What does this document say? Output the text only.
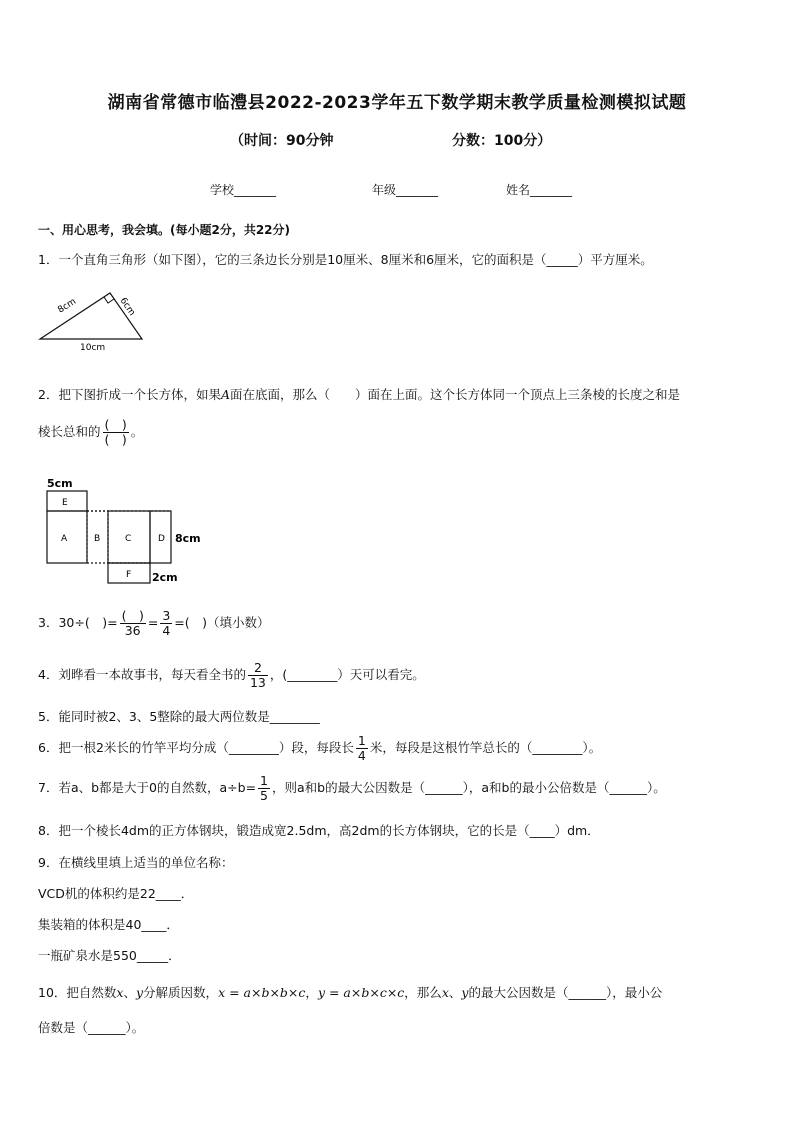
湖南省常德市临澧县2022-2023学年五下数学期末教学质量检测模拟试题
（时间：90分钟	分数：100分）
学校_______	年级_______	姓名_______
一、用心思考，我会填。(每小题2分，共22分)
1．一个直角三角形（如下图），它的三条边长分别是10厘米、8厘米和6厘米，它的面积是（_____）平方厘米。
8cm	6cm
10cm
2．把下图折成一个长方体，如果A面在底面，那么（　　）面在上面。这个长方体同一个顶点上三条棱的长度之和是
棱长总和的 $\frac{( )}{( )}$ 。
5cm
E
A	B	C	D
F
8cm
2cm
3．30÷(　)= $\frac{( )}{36} = \frac{3}{4}$ =(　)（填小数）
4．刘晔看一本故事书，每天看全书的 $\frac{2}{13}$ ，(________）天可以看完。
5．能同时被2、3、5整除的最大两位数是________
6．把一根2米长的竹竿平均分成（________）段，每段长 $\frac{1}{4}$ 米，每段是这根竹竿总长的（________）。
7．若a、b都是大于0的自然数，$a\div b= \frac{1}{5}$ ，则a和b的最大公因数是（______），a和b的最小公倍数是（______）。
8．把一个棱长4dm的正方体钢块，锻造成宽2.5dm，高2dm的长方体钢块，它的长是（____）dm．
9．在横线里填上适当的单位名称：
VCD机的体积约是22____．
集装箱的体积是40____．
一瓶矿泉水是550_____．
10．把自然数x、y分解质因数，x = a×b×b×c，y = a×b×c×c，那么x、y的最大公因数是（______），最小公
倍数是（______）。
